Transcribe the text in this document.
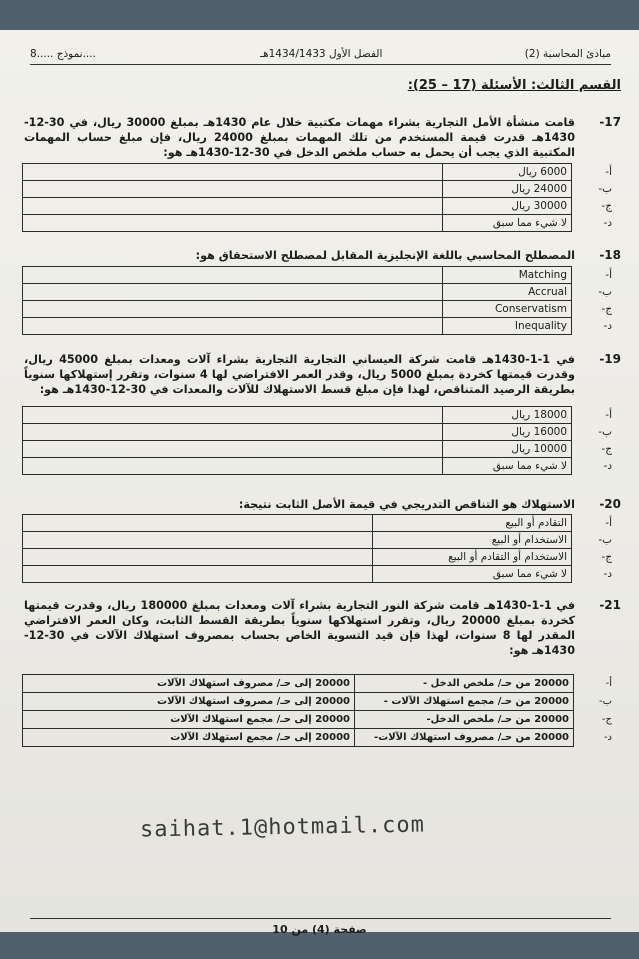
نموذج .....8....	الفصل الأول 1434/1433هـ	مبادئ المحاسبة (2)
القسم الثالث: الأسئلة (17 – 25):
-17
قامت منشأة الأمل التجارية بشراء مهمات مكتبية خلال عام 1430هـ بمبلغ 30000 ريال، في 30-12-1430هـ قدرت قيمة المستخدم من تلك المهمات بمبلغ 24000 ريال، فإن مبلغ حساب المهمات المكتبية الذي يجب أن يحمل به حساب ملخص الدخل في 30-12-1430هـ هو:
أ-	6000 ريال	
ب-	24000 ريال	
ج-	30000 ريال	
د-	لا شيء مما سبق	
-18
المصطلح المحاسبي باللغة الإنجليزية المقابل لمصطلح الاستحقاق هو:
أ-	Matching	
ب-	Accrual	
ج-	Conservatism	
د-	Inequality	
-19
في 1-1-1430هـ قامت شركة العيساني التجارية التجارية بشراء آلات ومعدات بمبلغ 45000 ريال، وقدرت قيمتها كخردة بمبلغ 5000 ريال، وقدر العمر الافتراضي لها 4 سنوات، وتقرر إستهلاكها سنوياً بطريقة الرصيد المتناقص، لهذا فإن مبلغ قسط الاستهلاك للآلات والمعدات في 30-12-1430هـ هو:
أ-	18000 ريال	
ب-	16000 ريال	
ج-	10000 ريال	
د-	لا شيء مما سبق	
-20
الاستهلاك هو التناقص التدريجي في قيمة الأصل الثابت نتيجة:
أ-	التقادم أو البيع	
ب-	الاستخدام أو البيع	
ج-	الاستخدام أو التقادم أو البيع	
د-	لا شيء مما سبق	
-21
في 1-1-1430هـ قامت شركة النور التجارية بشراء آلات ومعدات بمبلغ 180000 ريال، وقدرت قيمتها كخردة بمبلغ 20000 ريال، وتقرر استهلاكها سنوياً بطريقة القسط الثابت، وكان العمر الافتراضي المقدر لها 8 سنوات، لهذا فإن قيد التسوية الخاص بحساب بمصروف استهلاك الآلات في 30-12-1430هـ هو:
أ-	20000 من حـ/ ملخص الدخل -	20000 إلى حـ/ مصروف استهلاك الآلات
ب-	20000 من حـ/ مجمع استهلاك الآلات -	20000 إلى حـ/ مصروف استهلاك الآلات
ج-	20000 من حـ/ ملخص الدخل-	20000 إلى حـ/ مجمع استهلاك الآلات
د-	20000 من حـ/ مصروف استهلاك الآلات-	20000 إلى حـ/ مجمع استهلاك الآلات
saihat.1@hotmail.com
صفحة (4) من 10
